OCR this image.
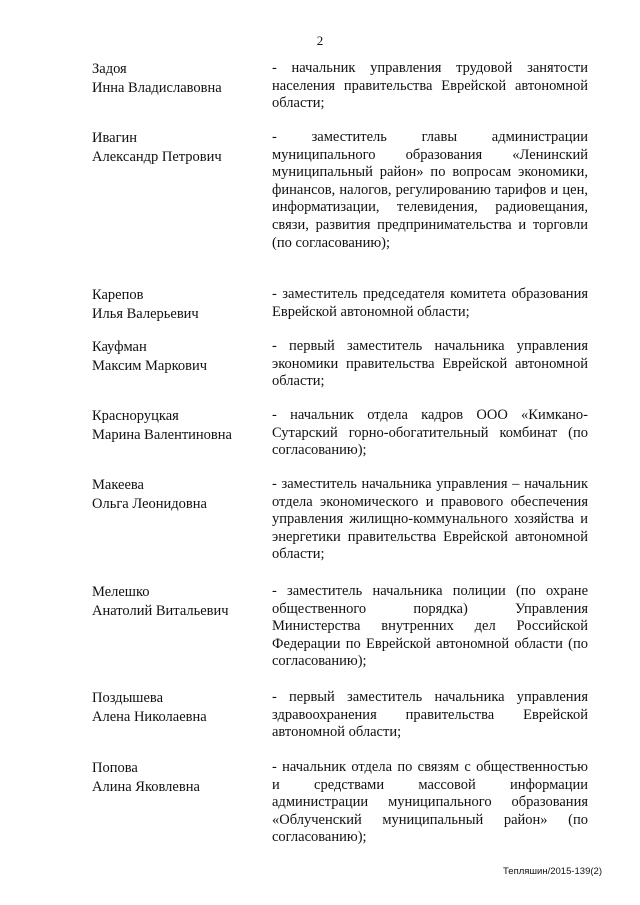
2
Задоя
Инна Владиславовна
- начальник управления трудовой занятости населения правительства Еврейской автономной области;
Ивагин
Александр Петрович
- заместитель главы администрации муниципального образования «Ленинский муниципальный район» по вопросам экономики, финансов, налогов, регулированию тарифов и цен, информатизации, телевидения, радиовещания, связи, развития предпринимательства и торговли (по согласованию);
Карепов
Илья Валерьевич
- заместитель председателя комитета образования Еврейской автономной области;
Кауфман
Максим Маркович
- первый заместитель начальника управления экономики правительства Еврейской автономной области;
Красноруцкая
Марина Валентиновна
- начальник отдела кадров ООО «Кимкано-Сутарский горно-обогатительный комбинат (по согласованию);
Макеева
Ольга Леонидовна
- заместитель начальника управления – начальник отдела экономического и правового обеспечения управления жилищно-коммунального хозяйства и энергетики правительства Еврейской автономной области;
Мелешко
Анатолий Витальевич
- заместитель начальника полиции (по охране общественного порядка) Управления Министерства внутренних дел Российской Федерации по Еврейской автономной области (по согласованию);
Поздышева
Алена Николаевна
- первый заместитель начальника управления здравоохранения правительства Еврейской автономной области;
Попова
Алина Яковлевна
- начальник отдела по связям с общественностью и средствами массовой информации администрации муниципального образования «Облученский муниципальный район» (по согласованию);
Тепляшин/2015-139(2)
